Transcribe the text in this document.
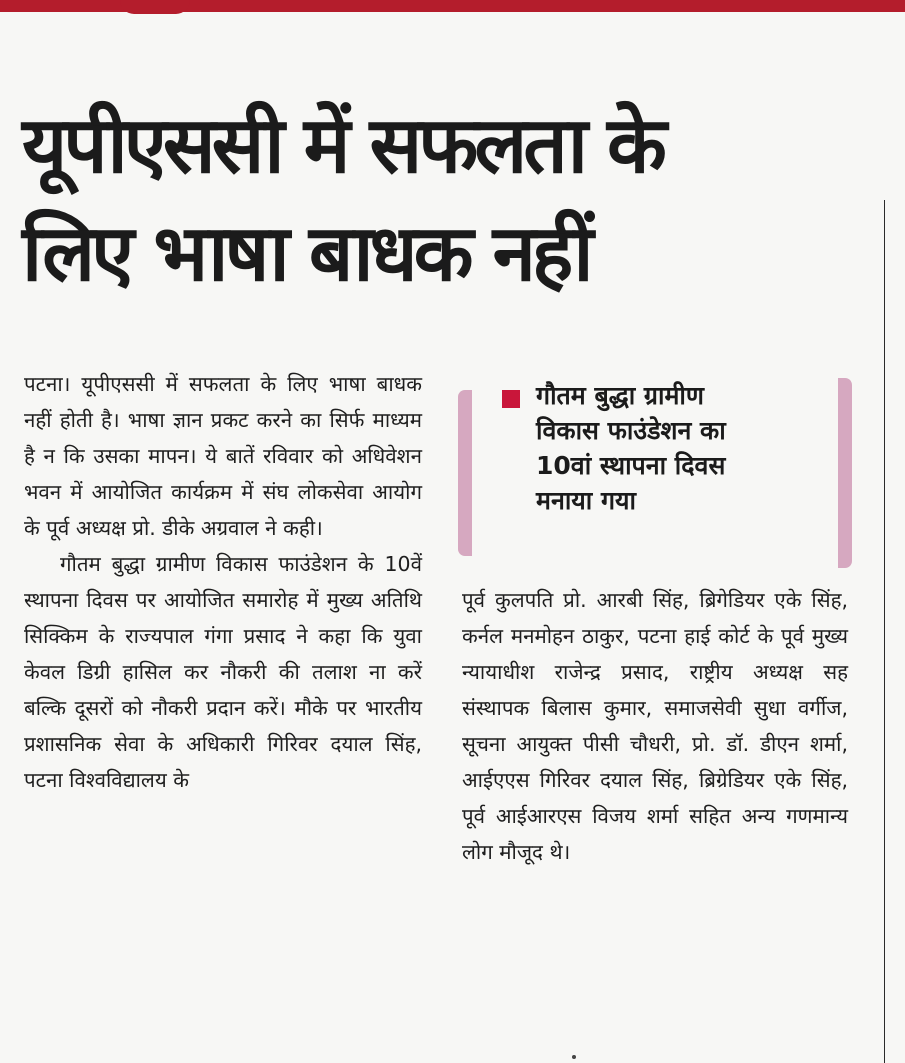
यूपीएससी में सफलता के
लिए भाषा बाधक नहीं

पटना। यूपीएससी में सफलता के लिए भाषा बाधक नहीं होती है। भाषा ज्ञान प्रकट करने का सिर्फ माध्यम है न कि उसका मापन। ये बातें रविवार को अधिवेशन भवन में आयोजित कार्यक्रम में संघ लोकसेवा आयोग के पूर्व अध्यक्ष प्रो. डीके अग्रवाल ने कही।

गौतम बुद्धा ग्रामीण विकास फाउंडेशन के 10वें स्थापना दिवस पर आयोजित समारोह में मुख्य अतिथि सिक्किम के राज्यपाल गंगा प्रसाद ने कहा कि युवा केवल डिग्री हासिल कर नौकरी की तलाश ना करें बल्कि दूसरों को नौकरी प्रदान करें। मौके पर भारतीय प्रशासनिक सेवा के अधिकारी गिरिवर दयाल सिंह, पटना विश्वविद्यालय के

गौतम बुद्धा ग्रामीण
विकास फाउंडेशन का
10वां स्थापना दिवस
मनाया गया

पूर्व कुलपति प्रो. आरबी सिंह, ब्रिगेडियर एके सिंह, कर्नल मनमोहन ठाकुर, पटना हाई कोर्ट के पूर्व मुख्य न्यायाधीश राजेन्द्र प्रसाद, राष्ट्रीय अध्यक्ष सह संस्थापक बिलास कुमार, समाजसेवी सुधा वर्गीज, सूचना आयुक्त पीसी चौधरी, प्रो. डॉ. डीएन शर्मा, आईएएस गिरिवर दयाल सिंह, ब्रिग्रेडियर एके सिंह, पूर्व आईआरएस विजय शर्मा सहित अन्य गणमान्य लोग मौजूद थे।
